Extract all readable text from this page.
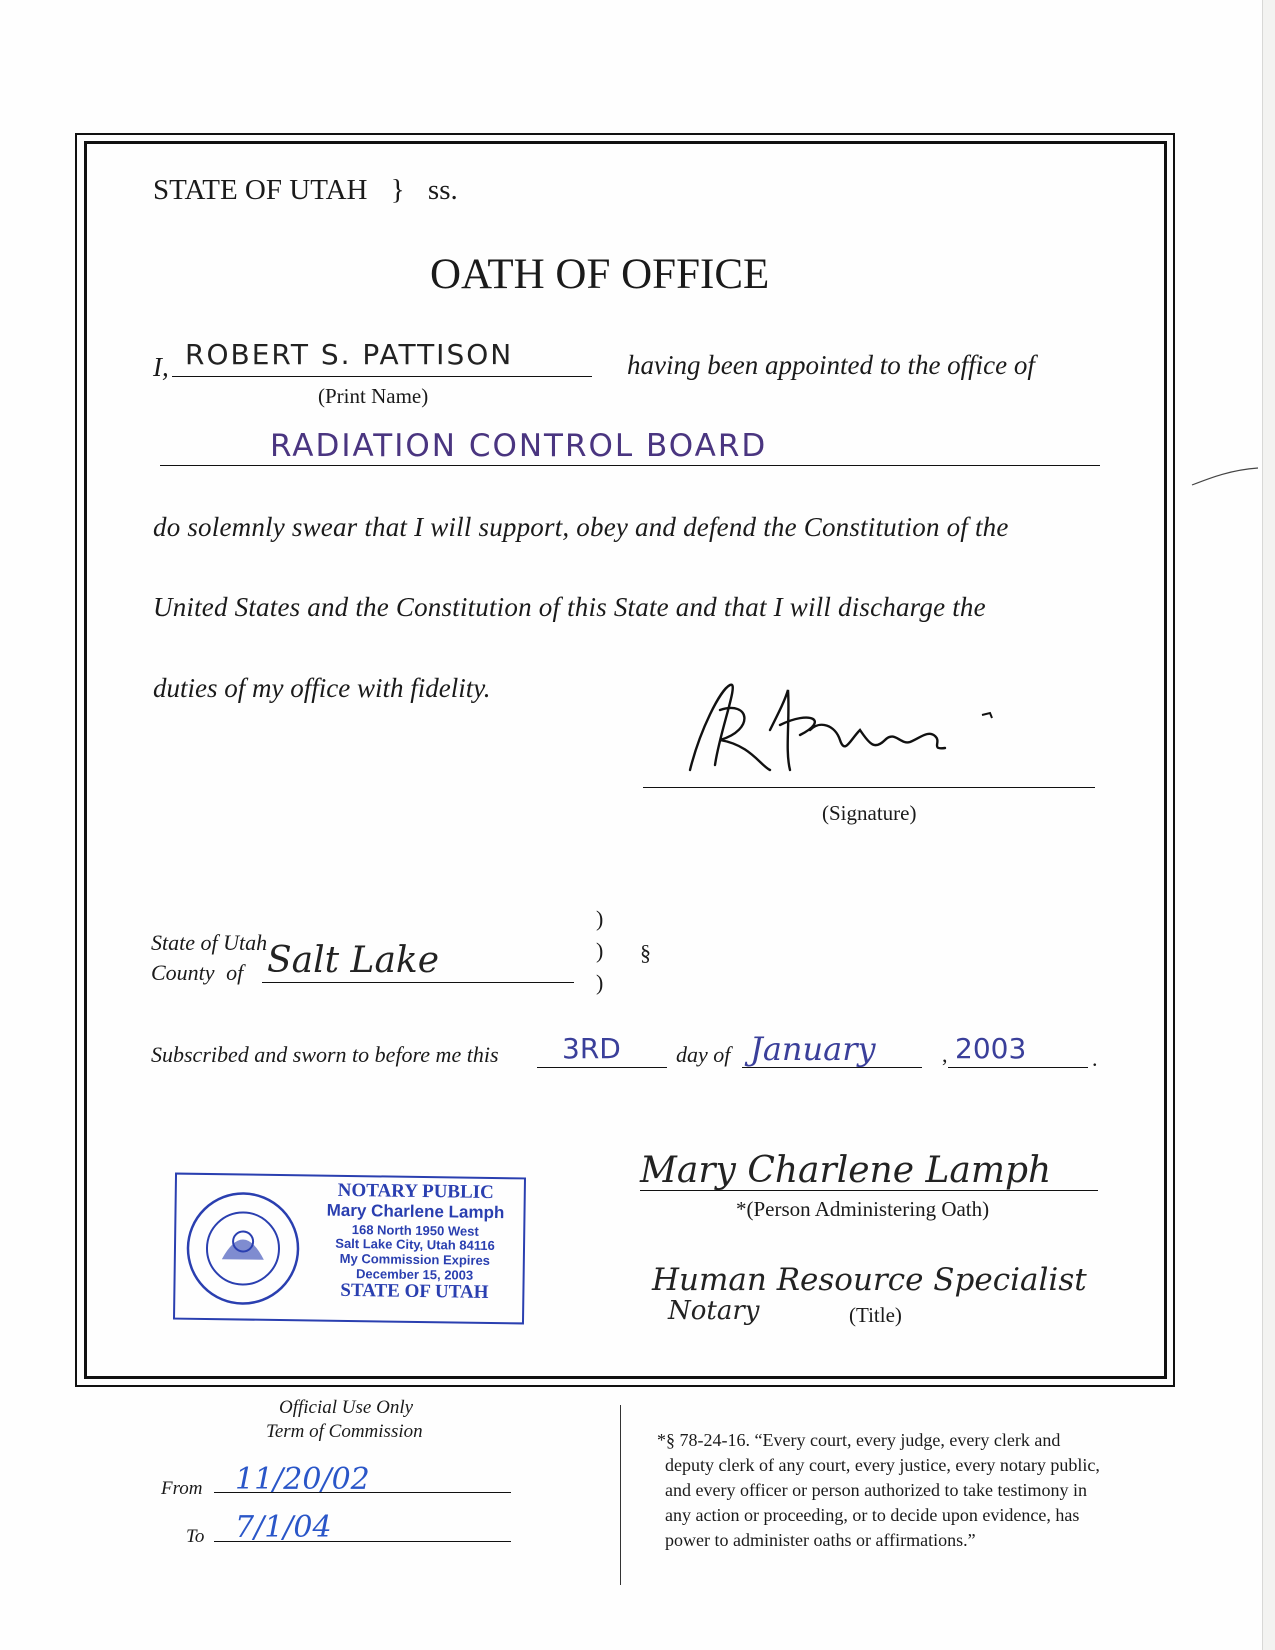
STATE OF UTAH } ss.
OATH OF OFFICE
I, ROBERT S. PATTISON	having been appointed to the office of
(Print Name)
RADIATION CONTROL BOARD
do solemnly swear that I will support, obey and defend the Constitution of the
United States and the Constitution of this State and that I will discharge the
duties of my office with fidelity.
(Signature)
State of Utah
County of Salt Lake
)
)
)
§
Subscribed and sworn to before me this 3RD	day of January	, 2003	.
Mary Charlene Lamph
*(Person Administering Oath)
Human Resource Specialist
Notary	(Title)
NOTARY PUBLIC
Mary Charlene Lamph
168 North 1950 West
Salt Lake City, Utah 84116
My Commission Expires
December 15, 2003
STATE OF UTAH
Official Use Only
Term of Commission
From 11/20/02
To 7/1/04
*§ 78-24-16. “Every court, every judge, every clerk and
deputy clerk of any court, every justice, every notary public,
and every officer or person authorized to take testimony in
any action or proceeding, or to decide upon evidence, has
power to administer oaths or affirmations.”
